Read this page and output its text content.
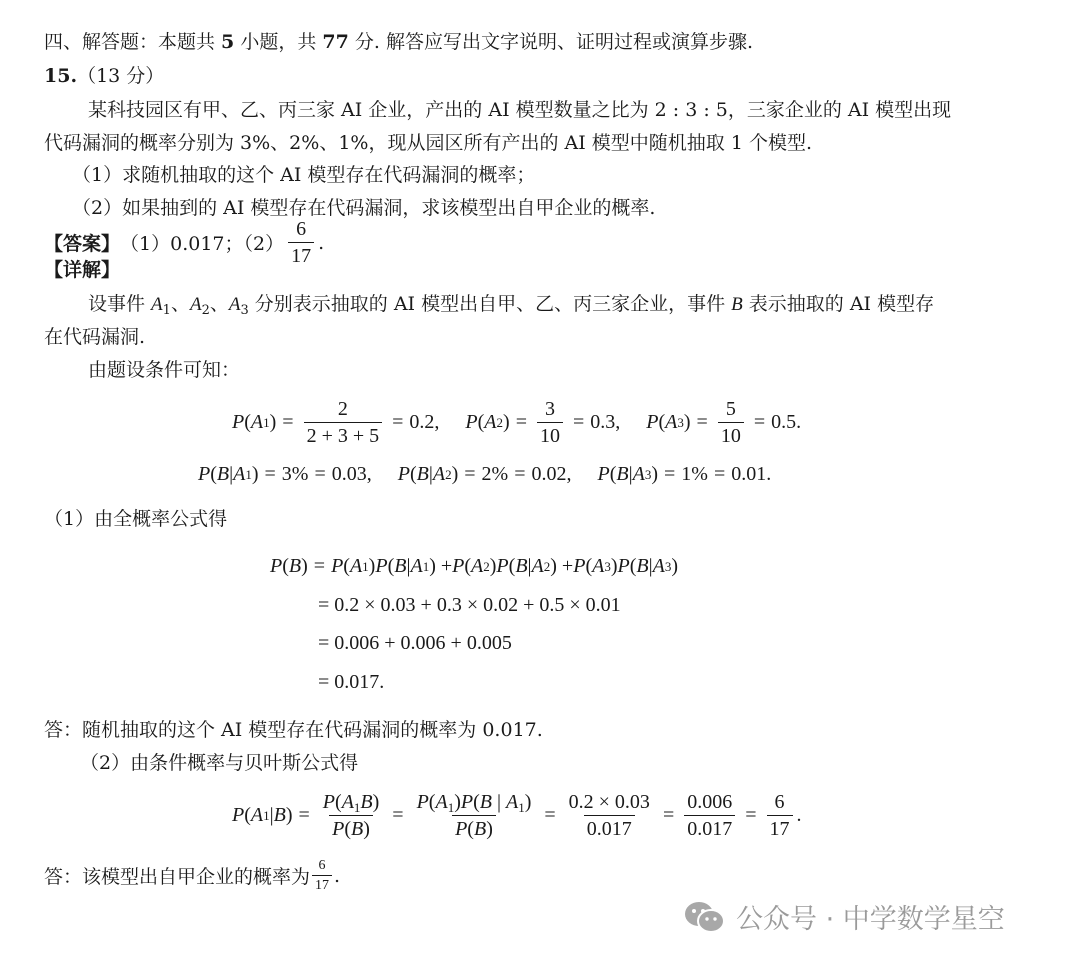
四、解答题：本题共 5 小题，共 77 分. 解答应写出文字说明、证明过程或演算步骤.
15.（13 分）
某科技园区有甲、乙、丙三家 AI 企业，产出的 AI 模型数量之比为 2 : 3 : 5，三家企业的 AI 模型出现
代码漏洞的概率分别为 3%、2%、1%，现从园区所有产出的 AI 模型中随机抽取 1 个模型.
（1）求随机抽取的这个 AI 模型存在代码漏洞的概率；
（2）如果抽到的 AI 模型存在代码漏洞，求该模型出自甲企业的概率.
【答案】 （1）0.017；$(2) \frac{6}{17}$ .
【详解】
设事件 $A_1$、$A_2$、$A_3$ 分别表示抽取的 AI 模型出自甲、乙、丙三家企业，事件 B 表示抽取的 AI 模型存
在代码漏洞.
由题设条件可知：
P ( A 1 ) = $\frac{2}{2 + 3 + 5} = 0.2$, P ( A 2 ) = $\frac{3}{10} = 0.3$, P ( A 3 ) = $\frac{5}{10} = 0.5$.
P ( B | A 1 ) = 3% = 0.03, P ( B | A 2 ) = 2% = 0.02, P ( B | A 3 ) = 1% = 0.01.
（1）由全概率公式得
P ( B ) = P ( A 1 ) P ( B | A 1 ) + P ( A 2 ) P ( B | A 2 ) + P ( A 3 ) P ( B | A 3 )
= 0.2 × 0.03 + 0.3 × 0.02 + 0.5 × 0.01
= 0.006 + 0.006 + 0.005
= 0.017.
答：随机抽取的这个 AI 模型存在代码漏洞的概率为 0.017.
（2）由条件概率与贝叶斯公式得
P ( A 1 | B ) = $\frac{P(A_1B)}{P(B)} = \frac{P(A_1)P(B | A_1)}{P(B)} = \frac{0.2 \times 0.03}{0.017} = \frac{0.006}{0.017} = \frac{6}{17}$ .
答：该模型出自甲企业的概率为 $\frac{6}{17}$ .
公众号 · 中学数学星空
